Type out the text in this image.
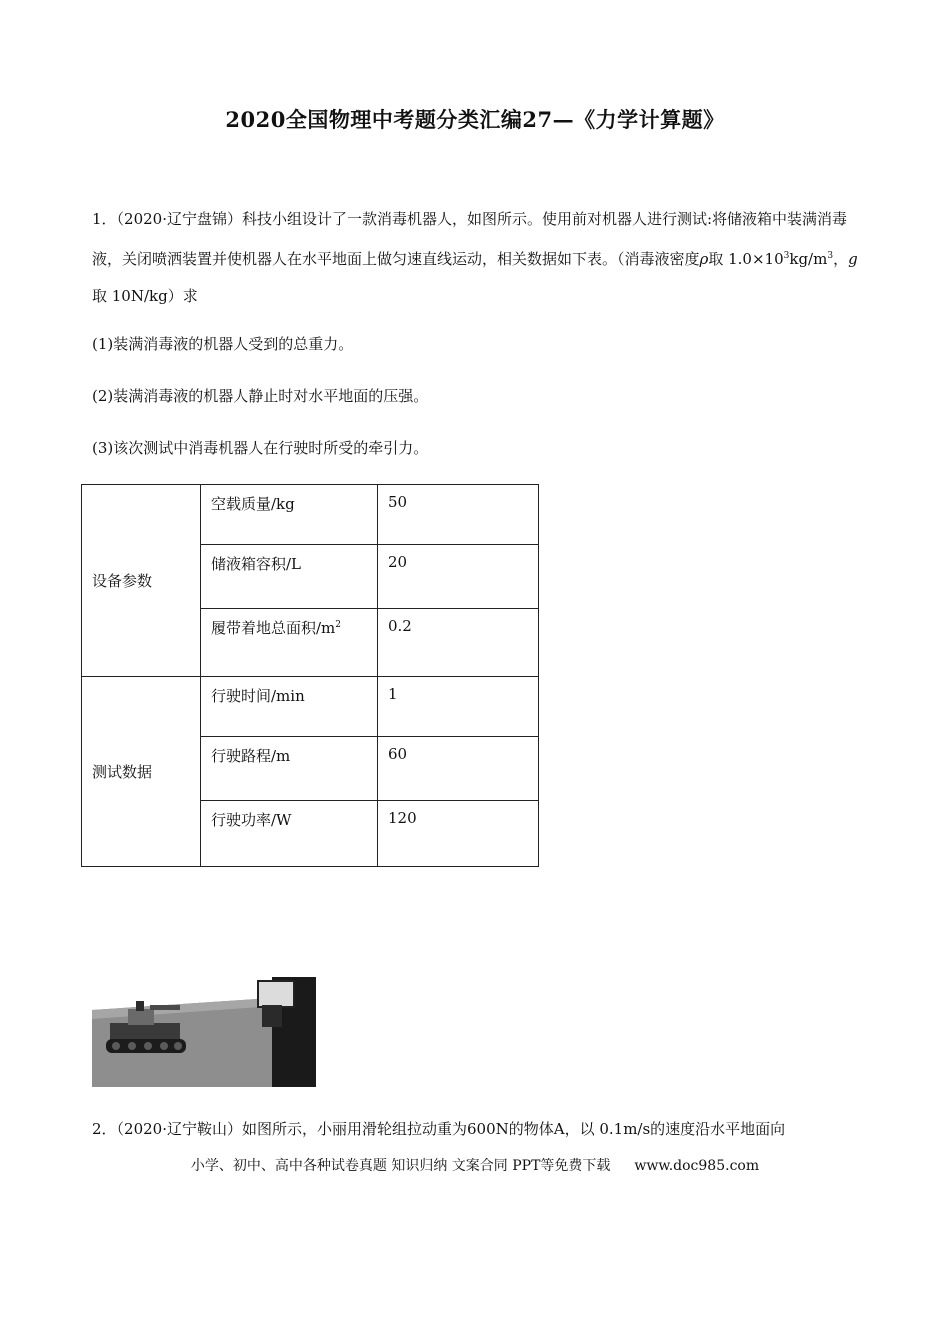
2020全国物理中考题分类汇编27—《力学计算题》
1．（2020·辽宁盘锦）科技小组设计了一款消毒机器人，如图所示。使用前对机器人进行测试:将储液箱中装满消毒液，关闭喷洒装置并使机器人在水平地面上做匀速直线运动，相关数据如下表。（消毒液密度ρ取 $1.0\times 10^3kg/m^3$，g 取 10N/kg）求
(1)装满消毒液的机器人受到的总重力。
(2)装满消毒液的机器人静止时对水平地面的压强。
(3)该次测试中消毒机器人在行驶时所受的牵引力。
设备参数	空载质量/kg	50
	储液箱容积/L	20
	履带着地总面积$/m^2$	0.2
测试数据	行驶时间/min	1
	行驶路程/m	60
	行驶功率/W	120
2．（2020·辽宁鞍山）如图所示，小丽用滑轮组拉动重为600N的物体A，以 0.1m/s的速度沿水平地面向
小学、初中、高中各种试卷真题 知识归纳 文案合同 PPT等免费下载 www.doc985.com
